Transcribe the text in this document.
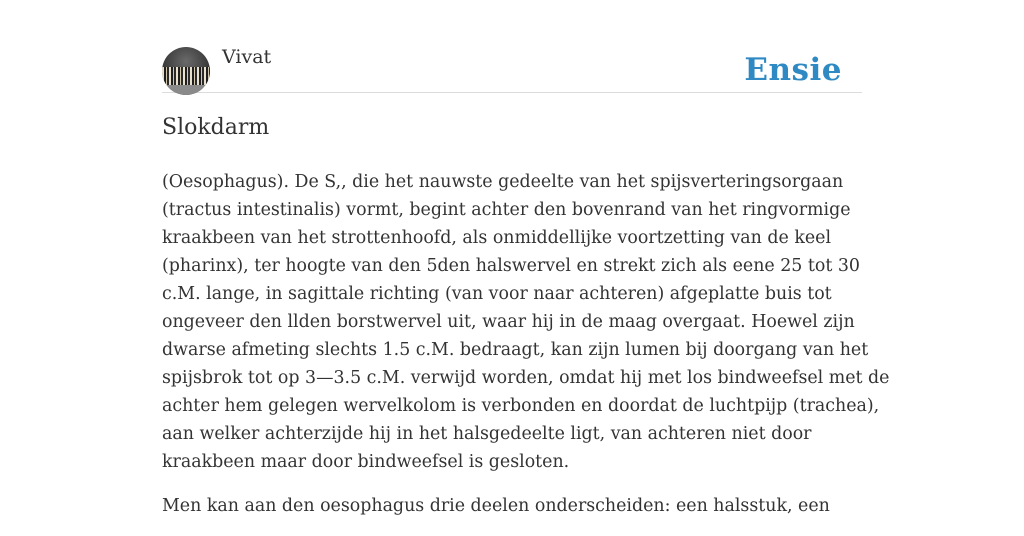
Vivat	Ensie
Slokdarm

(Oesophagus). De S,, die het nauwste gedeelte van het spijsverteringsorgaan
(tractus intestinalis) vormt, begint achter den bovenrand van het ringvormige
kraakbeen van het strottenhoofd, als onmiddellijke voortzetting van de keel
(pharinx), ter hoogte van den 5den halswervel en strekt zich als eene 25 tot 30
c.M. lange, in sagittale richting (van voor naar achteren) afgeplatte buis tot
ongeveer den llden borstwervel uit, waar hij in de maag overgaat. Hoewel zijn
dwarse afmeting slechts 1.5 c.M. bedraagt, kan zijn lumen bij doorgang van het
spijsbrok tot op 3—3.5 c.M. verwijd worden, omdat hij met los bindweefsel met de
achter hem gelegen wervelkolom is verbonden en doordat de luchtpijp (trachea),
aan welker achterzijde hij in het halsgedeelte ligt, van achteren niet door
kraakbeen maar door bindweefsel is gesloten.

Men kan aan den oesophagus drie deelen onderscheiden: een halsstuk, een
